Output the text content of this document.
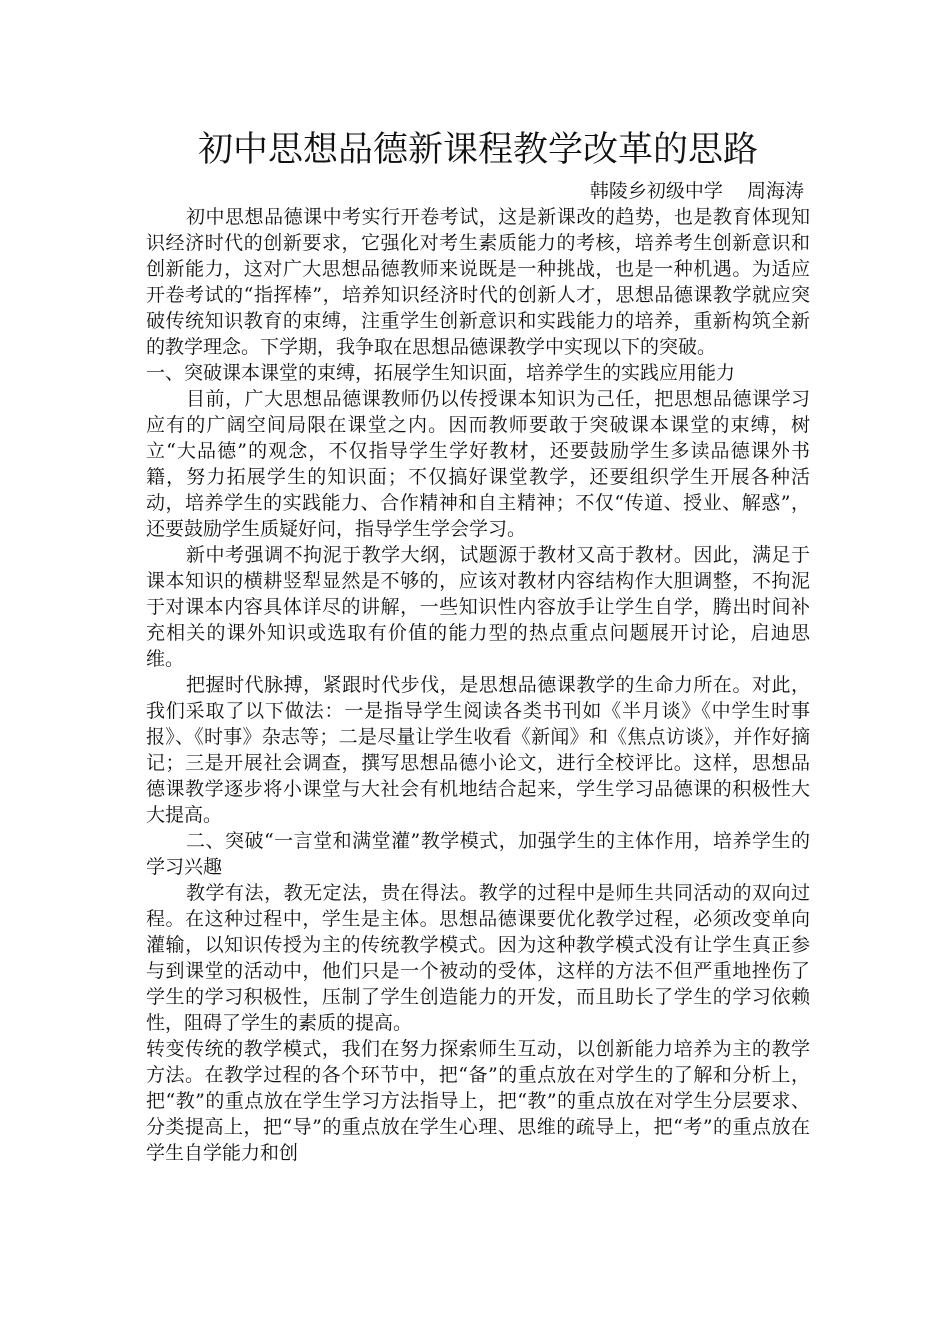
初中思想品德新课程教学改革的思路

韩陵乡初级中学    周海涛

初中思想品德课中考实行开卷考试，这是新课改的趋势，也是教育体现知识经济时代的创新要求，它强化对考生素质能力的考核，培养考生创新意识和创新能力，这对广大思想品德教师来说既是一种挑战，也是一种机遇。为适应开卷考试的“指挥棒”，培养知识经济时代的创新人才，思想品德课教学就应突破传统知识教育的束缚，注重学生创新意识和实践能力的培养，重新构筑全新的教学理念。下学期，我争取在思想品德课教学中实现以下的突破。

一、突破课本课堂的束缚，拓展学生知识面，培养学生的实践应用能力

目前，广大思想品德课教师仍以传授课本知识为己任，把思想品德课学习应有的广阔空间局限在课堂之内。因而教师要敢于突破课本课堂的束缚，树立“大品德”的观念，不仅指导学生学好教材，还要鼓励学生多读品德课外书籍，努力拓展学生的知识面；不仅搞好课堂教学，还要组织学生开展各种活动，培养学生的实践能力、合作精神和自主精神；不仅“传道、授业、解惑”，还要鼓励学生质疑好问，指导学生学会学习。

新中考强调不拘泥于教学大纲，试题源于教材又高于教材。因此，满足于课本知识的横耕竖犁显然是不够的，应该对教材内容结构作大胆调整，不拘泥于对课本内容具体详尽的讲解，一些知识性内容放手让学生自学，腾出时间补充相关的课外知识或选取有价值的能力型的热点重点问题展开讨论，启迪思维。

把握时代脉搏，紧跟时代步伐，是思想品德课教学的生命力所在。对此，我们采取了以下做法：一是指导学生阅读各类书刊如《半月谈》《中学生时事报》、《时事》杂志等；二是尽量让学生收看《新闻》和《焦点访谈》，并作好摘记；三是开展社会调查，撰写思想品德小论文，进行全校评比。这样，思想品德课教学逐步将小课堂与大社会有机地结合起来，学生学习品德课的积极性大大提高。

二、突破“一言堂和满堂灌”教学模式，加强学生的主体作用，培养学生的学习兴趣

教学有法，教无定法，贵在得法。教学的过程中是师生共同活动的双向过程。在这种过程中，学生是主体。思想品德课要优化教学过程，必须改变单向灌输，以知识传授为主的传统教学模式。因为这种教学模式没有让学生真正参与到课堂的活动中，他们只是一个被动的受体，这样的方法不但严重地挫伤了学生的学习积极性，压制了学生创造能力的开发，而且助长了学生的学习依赖性，阻碍了学生的素质的提高。

转变传统的教学模式，我们在努力探索师生互动，以创新能力培养为主的教学方法。在教学过程的各个环节中，把“备”的重点放在对学生的了解和分析上，把“教”的重点放在学生学习方法指导上，把“教”的重点放在对学生分层要求、分类提高上，把“导”的重点放在学生心理、思维的疏导上，把“考”的重点放在学生自学能力和创
